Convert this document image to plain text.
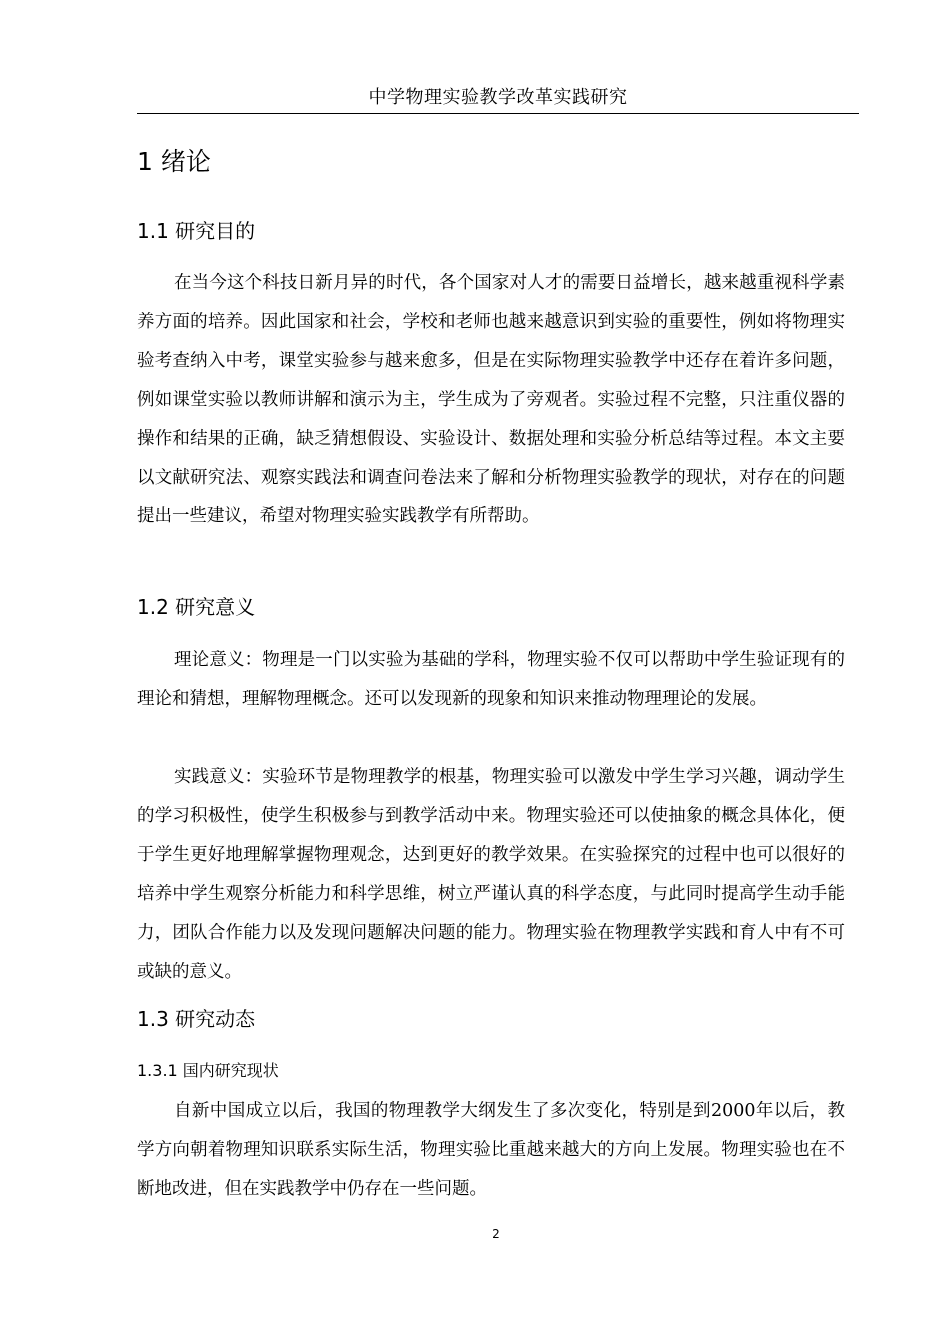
中学物理实验教学改革实践研究
1 绪论
1.1 研究目的

在当今这个科技日新月异的时代，各个国家对人才的需要日益增长，越来越重视科学素养方面的培养。因此国家和社会，学校和老师也越来越意识到实验的重要性，例如将物理实验考查纳入中考，课堂实验参与越来愈多，但是在实际物理实验教学中还存在着许多问题，例如课堂实验以教师讲解和演示为主，学生成为了旁观者。实验过程不完整，只注重仪器的操作和结果的正确，缺乏猜想假设、实验设计、数据处理和实验分析总结等过程。本文主要以文献研究法、观察实践法和调查问卷法来了解和分析物理实验教学的现状，对存在的问题提出一些建议，希望对物理实验实践教学有所帮助。

1.2 研究意义

理论意义：物理是一门以实验为基础的学科，物理实验不仅可以帮助中学生验证现有的理论和猜想，理解物理概念。还可以发现新的现象和知识来推动物理理论的发展。

实践意义：实验环节是物理教学的根基，物理实验可以激发中学生学习兴趣，调动学生的学习积极性，使学生积极参与到教学活动中来。物理实验还可以使抽象的概念具体化，便于学生更好地理解掌握物理观念，达到更好的教学效果。在实验探究的过程中也可以很好的培养中学生观察分析能力和科学思维，树立严谨认真的科学态度，与此同时提高学生动手能力，团队合作能力以及发现问题解决问题的能力。物理实验在物理教学实践和育人中有不可或缺的意义。

1.3 研究动态
1.3.1 国内研究现状

自新中国成立以后，我国的物理教学大纲发生了多次变化，特别是到2000年以后，教学方向朝着物理知识联系实际生活，物理实验比重越来越大的方向上发展。物理实验也在不断地改进，但在实践教学中仍存在一些问题。

2
